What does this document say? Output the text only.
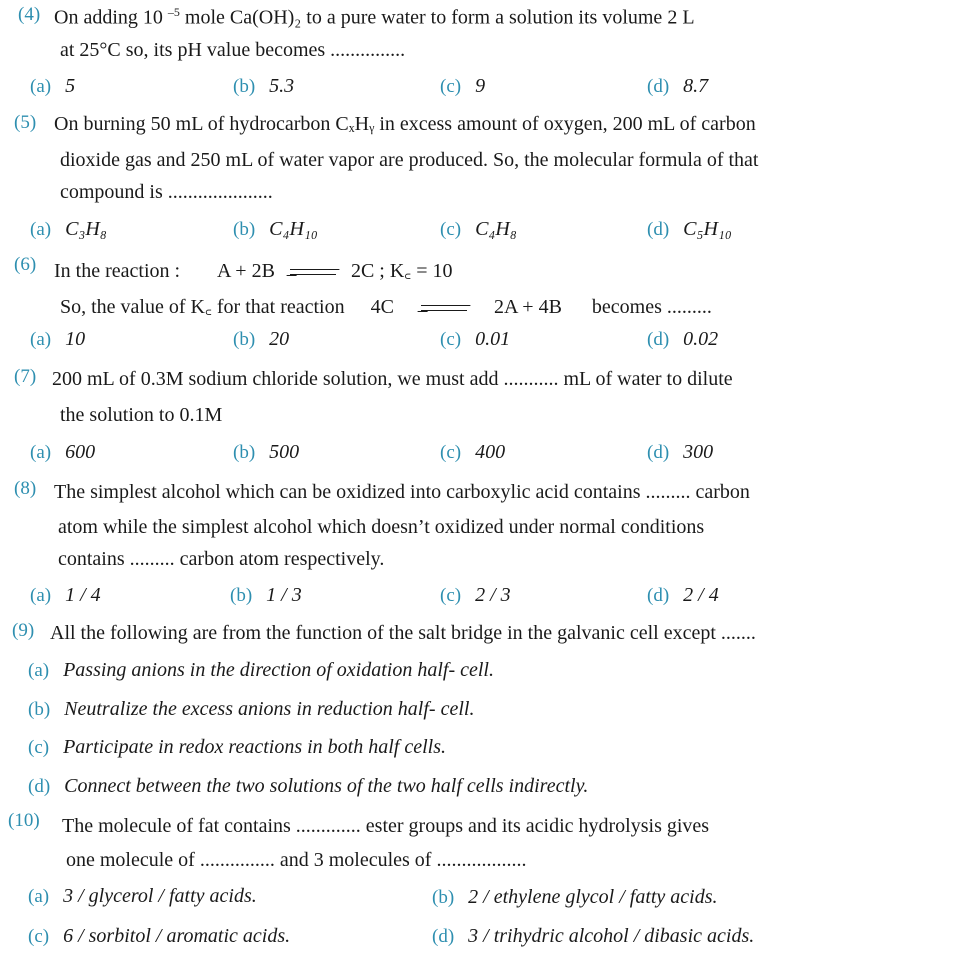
(4) On adding 10 $^{-5}$ mole Ca(OH)₂ to a pure water to form a solution its volume 2 L
at 25°C so, its pH value becomes ...............
(a) 5	(b) 5.3	(c) 9	(d) 8.7
(5) On burning 50 mL of hydrocarbon CₓHᵧ in excess amount of oxygen, 200 mL of carbon
dioxide gas and 250 mL of water vapor are produced. So, the molecular formula of that
compound is .....................
(a) C₃H₈	(b) C₄H₁₀	(c) C₄H₈	(d) C₅H₁₀
(6) In the reaction : A + 2B	2C ; K꜀ = 10
So, the value of K꜀ for that reaction 4C	2A + 4B becomes .........
(a) 10	(b) 20	(c) 0.01	(d) 0.02
(7) 200 mL of 0.3M sodium chloride solution, we must add ........... mL of water to dilute
the solution to 0.1M
(a) 600	(b) 500	(c) 400	(d) 300
(8) The simplest alcohol which can be oxidized into carboxylic acid contains ......... carbon
atom while the simplest alcohol which doesn’t oxidized under normal conditions
contains ......... carbon atom respectively.
(a) 1 / 4	(b) 1 / 3	(c) 2 / 3	(d) 2 / 4
(9) All the following are from the function of the salt bridge in the galvanic cell except .......
(a) Passing anions in the direction of oxidation half- cell.
(b) Neutralize the excess anions in reduction half- cell.
(c) Participate in redox reactions in both half cells.
(d) Connect between the two solutions of the two half cells indirectly.
(10) The molecule of fat contains ............. ester groups and its acidic hydrolysis gives
one molecule of ............... and 3 molecules of ..................
(a) 3 / glycerol / fatty acids.	(b) 2 / ethylene glycol / fatty acids.
(c) 6 / sorbitol / aromatic acids.	(d) 3 / trihydric alcohol / dibasic acids.
